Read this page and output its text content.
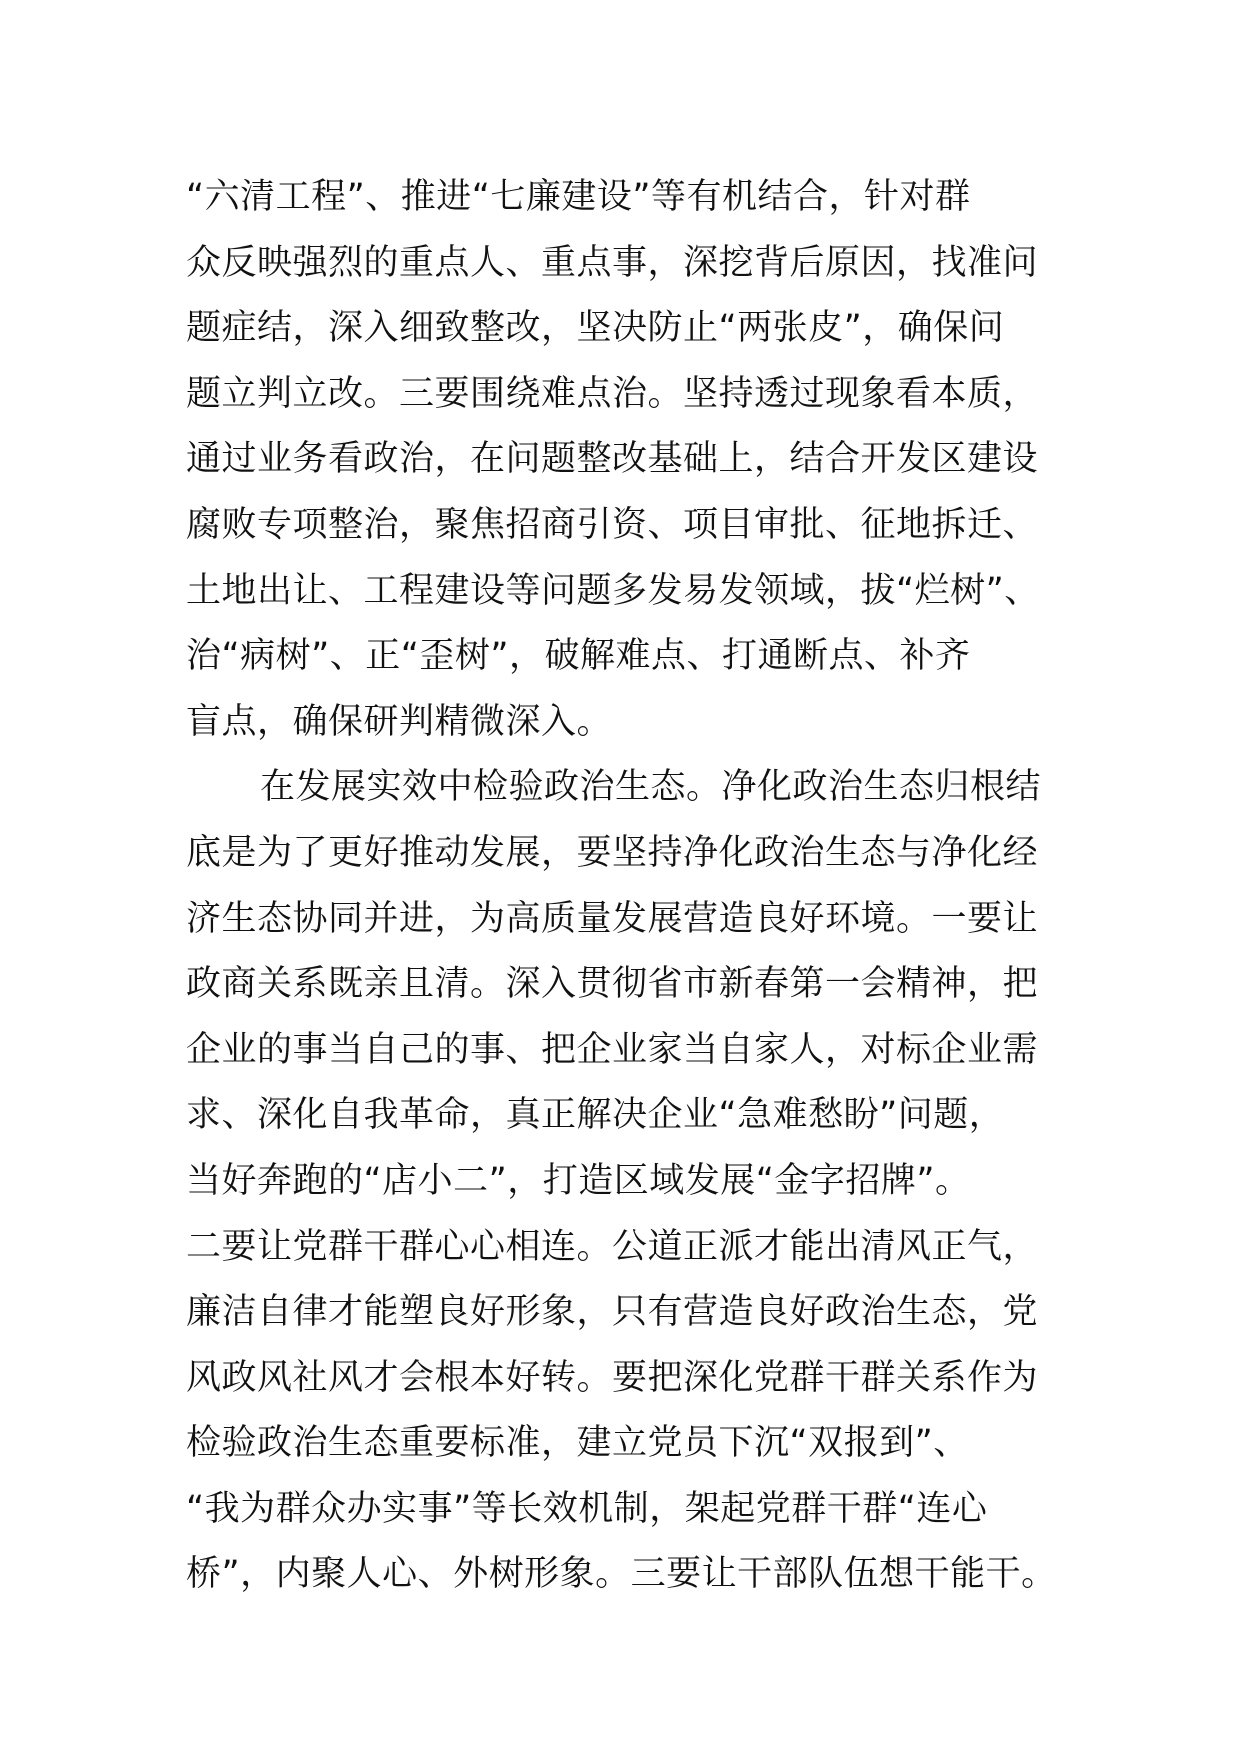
“六清工程”、推进“七廉建设”等有机结合，针对群
众反映强烈的重点人、重点事，深挖背后原因，找准问
题症结，深入细致整改，坚决防止“两张皮”，确保问
题立判立改。三要围绕难点治。坚持透过现象看本质，
通过业务看政治，在问题整改基础上，结合开发区建设
腐败专项整治，聚焦招商引资、项目审批、征地拆迁、
土地出让、工程建设等问题多发易发领域，拔“烂树”、
治“病树”、正“歪树”，破解难点、打通断点、补齐
盲点，确保研判精微深入。
在发展实效中检验政治生态。净化政治生态归根结
底是为了更好推动发展，要坚持净化政治生态与净化经
济生态协同并进，为高质量发展营造良好环境。一要让
政商关系既亲且清。深入贯彻省市新春第一会精神，把
企业的事当自己的事、把企业家当自家人，对标企业需
求、深化自我革命，真正解决企业“急难愁盼”问题，
当好奔跑的“店小二”，打造区域发展“金字招牌”。
二要让党群干群心心相连。公道正派才能出清风正气，
廉洁自律才能塑良好形象，只有营造良好政治生态，党
风政风社风才会根本好转。要把深化党群干群关系作为
检验政治生态重要标准，建立党员下沉“双报到”、
“我为群众办实事”等长效机制，架起党群干群“连心
桥”，内聚人心、外树形象。三要让干部队伍想干能干。
